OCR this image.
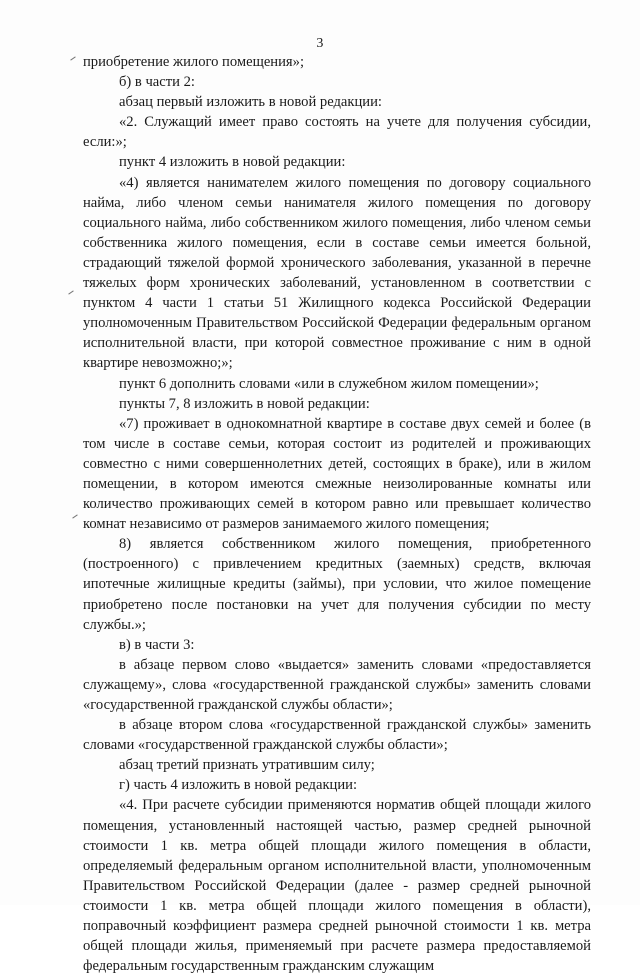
3

приобретение жилого помещения»;

б) в части 2:

абзац первый изложить в новой редакции:

«2. Служащий имеет право состоять на учете для получения субсидии, если:»;

пункт 4 изложить в новой редакции:

«4) является нанимателем жилого помещения по договору социального найма, либо членом семьи нанимателя жилого помещения по договору социального найма, либо собственником жилого помещения, либо членом семьи собственника жилого помещения, если в составе семьи имеется больной, страдающий тяжелой формой хронического заболевания, указанной в перечне тяжелых форм хронических заболеваний, установленном в соответствии с пунктом 4 части 1 статьи 51 Жилищного кодекса Российской Федерации уполномоченным Правительством Российской Федерации федеральным органом исполнительной власти, при которой совместное проживание с ним в одной квартире невозможно;»;

пункт 6 дополнить словами «или в служебном жилом помещении»;

пункты 7, 8 изложить в новой редакции:

«7) проживает в однокомнатной квартире в составе двух семей и более (в том числе в составе семьи, которая состоит из родителей и проживающих совместно с ними совершеннолетних детей, состоящих в браке), или в жилом помещении, в котором имеются смежные неизолированные комнаты или количество проживающих семей в котором равно или превышает количество комнат независимо от размеров занимаемого жилого помещения;

8) является собственником жилого помещения, приобретенного (построенного) с привлечением кредитных (заемных) средств, включая ипотечные жилищные кредиты (займы), при условии, что жилое помещение приобретено после постановки на учет для получения субсидии по месту службы.»;

в) в части 3:

в абзаце первом слово «выдается» заменить словами «предоставляется служащему», слова «государственной гражданской службы» заменить словами «государственной гражданской службы области»;

в абзаце втором слова «государственной гражданской службы» заменить словами «государственной гражданской службы области»;

абзац третий признать утратившим силу;

г) часть 4 изложить в новой редакции:

«4. При расчете субсидии применяются норматив общей площади жилого помещения, установленный настоящей частью, размер средней рыночной стоимости 1 кв. метра общей площади жилого помещения в области, определяемый федеральным органом исполнительной власти, уполномоченным Правительством Российской Федерации (далее - размер средней рыночной стоимости 1 кв. метра общей площади жилого помещения в области), поправочный коэффициент размера средней рыночной стоимости 1 кв. метра общей площади жилья, применяемый при расчете размера предоставляемой федеральным государственным гражданским служащим
